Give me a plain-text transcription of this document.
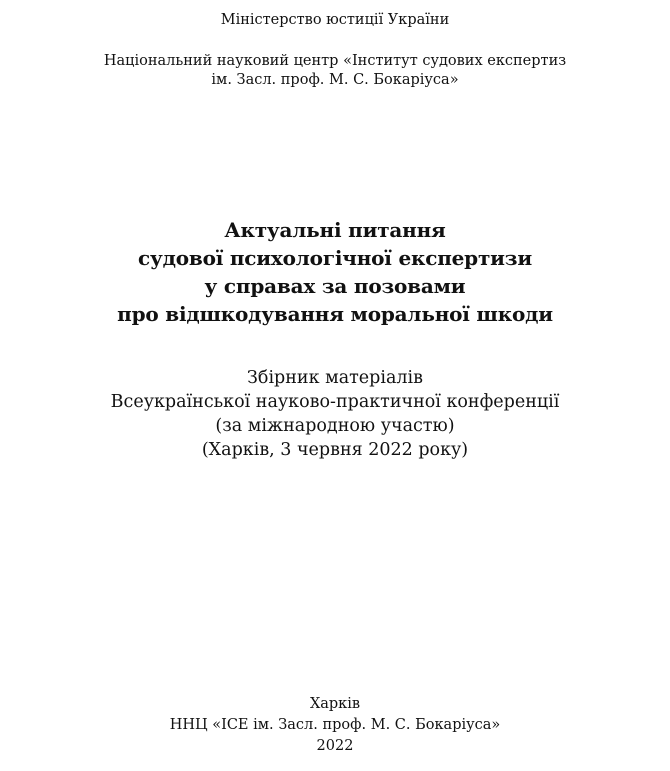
Міністерство юстиції України
Національний науковий центр «Інститут судових експертиз
ім. Засл. проф. М. С. Бокаріуса»
Актуальні питання
судової психологічної експертизи
у справах за позовами
про відшкодування моральної шкоди
Збірник матеріалів
Всеукраїнської науково-практичної конференції
(за міжнародною участю)
(Харків, 3 червня 2022 року)
Харків
ННЦ «ІСЕ ім. Засл. проф. М. С. Бокаріуса»
2022
